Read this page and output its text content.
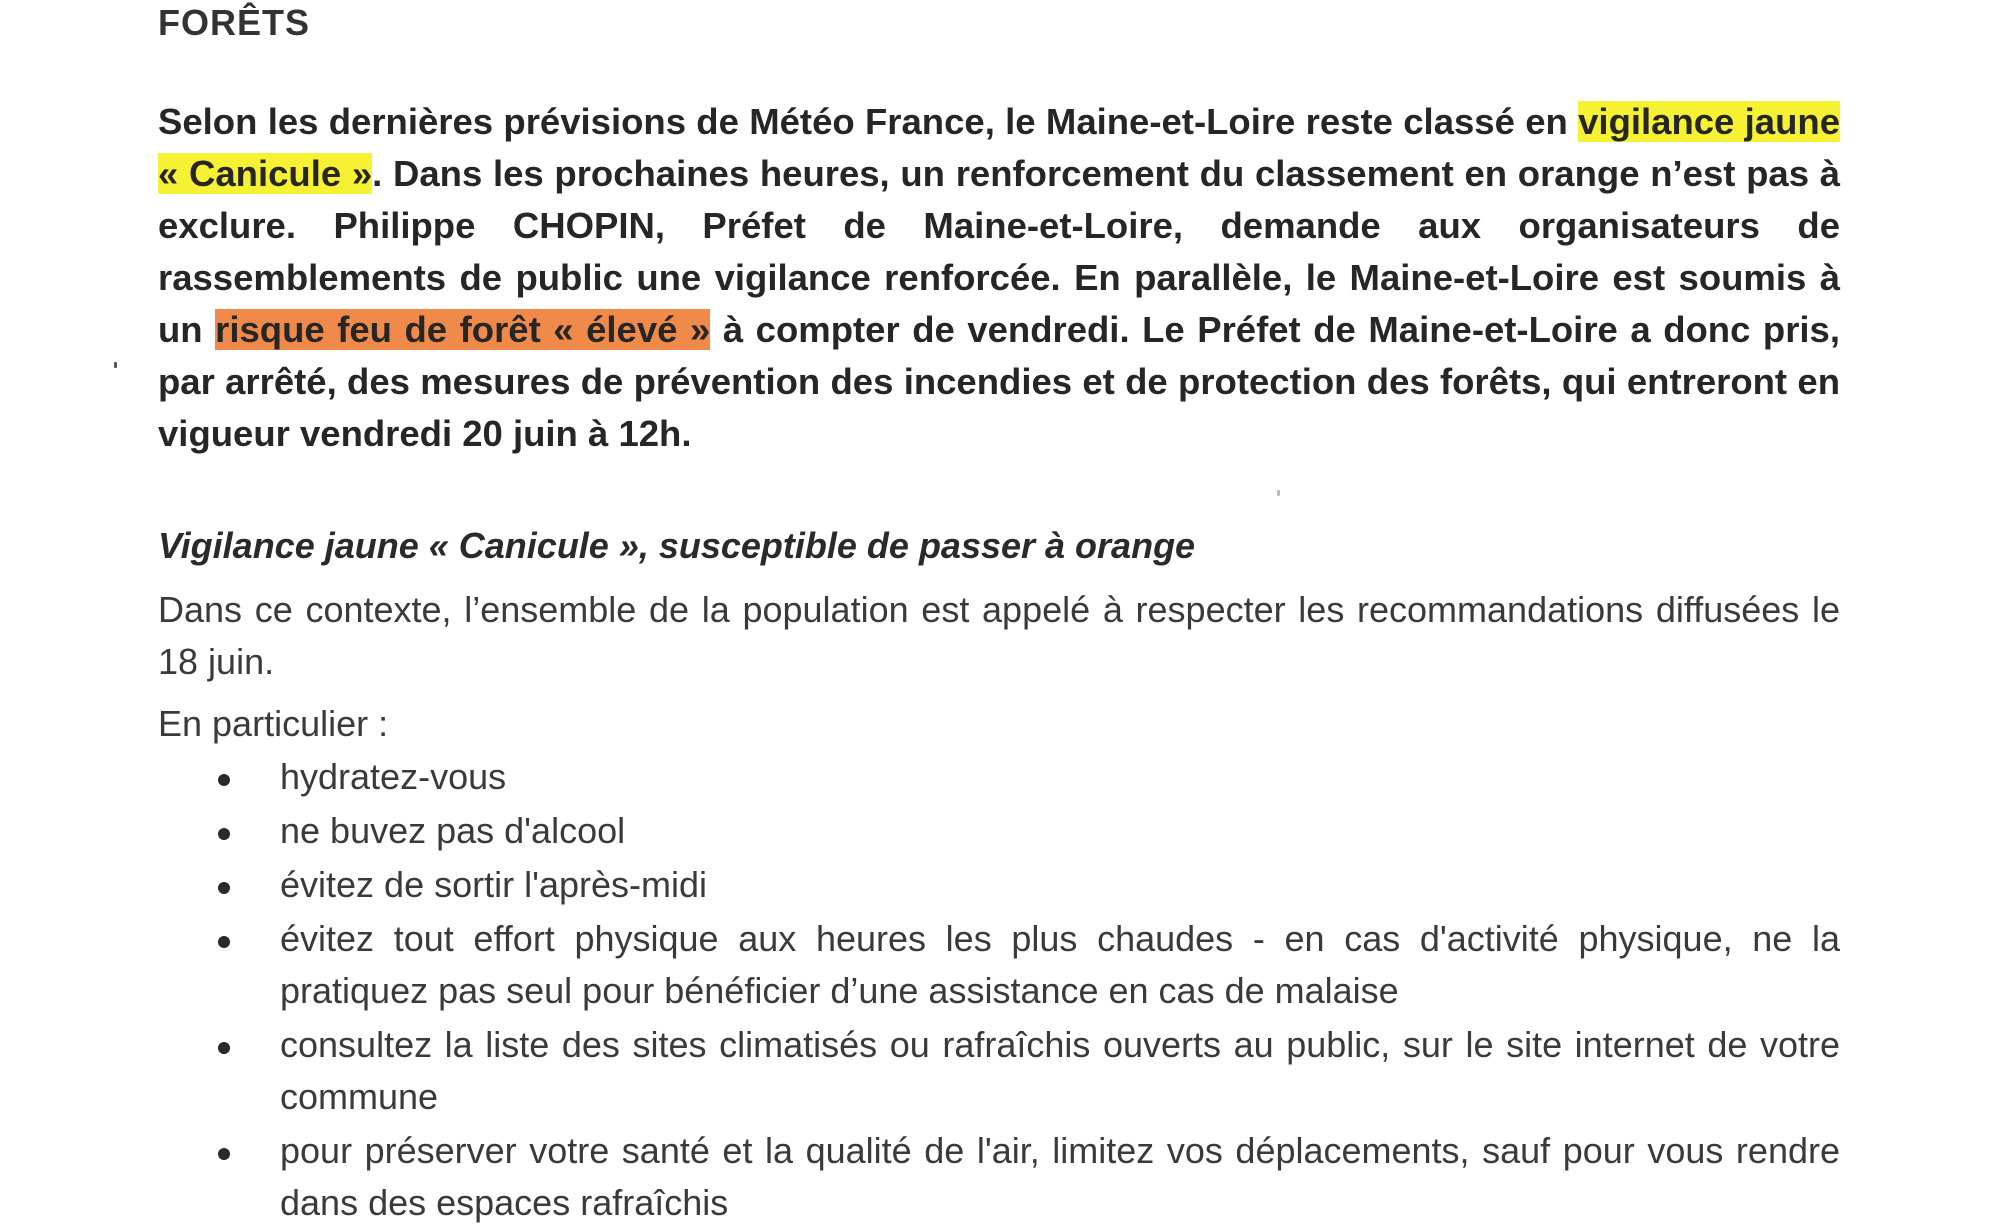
FORÊTS

Selon les dernières prévisions de Météo France, le Maine-et-Loire reste classé en vigilance jaune « Canicule ». Dans les prochaines heures, un renforcement du classement en orange n’est pas à exclure. Philippe CHOPIN, Préfet de Maine-et-Loire, demande aux organisateurs de rassemblements de public une vigilance renforcée. En parallèle, le Maine-et-Loire est soumis à un risque feu de forêt « élevé » à compter de vendredi. Le Préfet de Maine-et-Loire a donc pris, par arrêté, des mesures de prévention des incendies et de protection des forêts, qui entreront en vigueur vendredi 20 juin à 12h.

Vigilance jaune « Canicule », susceptible de passer à orange

Dans ce contexte, l’ensemble de la population est appelé à respecter les recommandations diffusées le 18 juin.

En particulier :

hydratez-vous
ne buvez pas d'alcool
évitez de sortir l'après-midi
évitez tout effort physique aux heures les plus chaudes - en cas d'activité physique, ne la pratiquez pas seul pour bénéficier d’une assistance en cas de malaise
consultez la liste des sites climatisés ou rafraîchis ouverts au public, sur le site internet de votre commune
pour préserver votre santé et la qualité de l'air, limitez vos déplacements, sauf pour vous rendre dans des espaces rafraîchis
